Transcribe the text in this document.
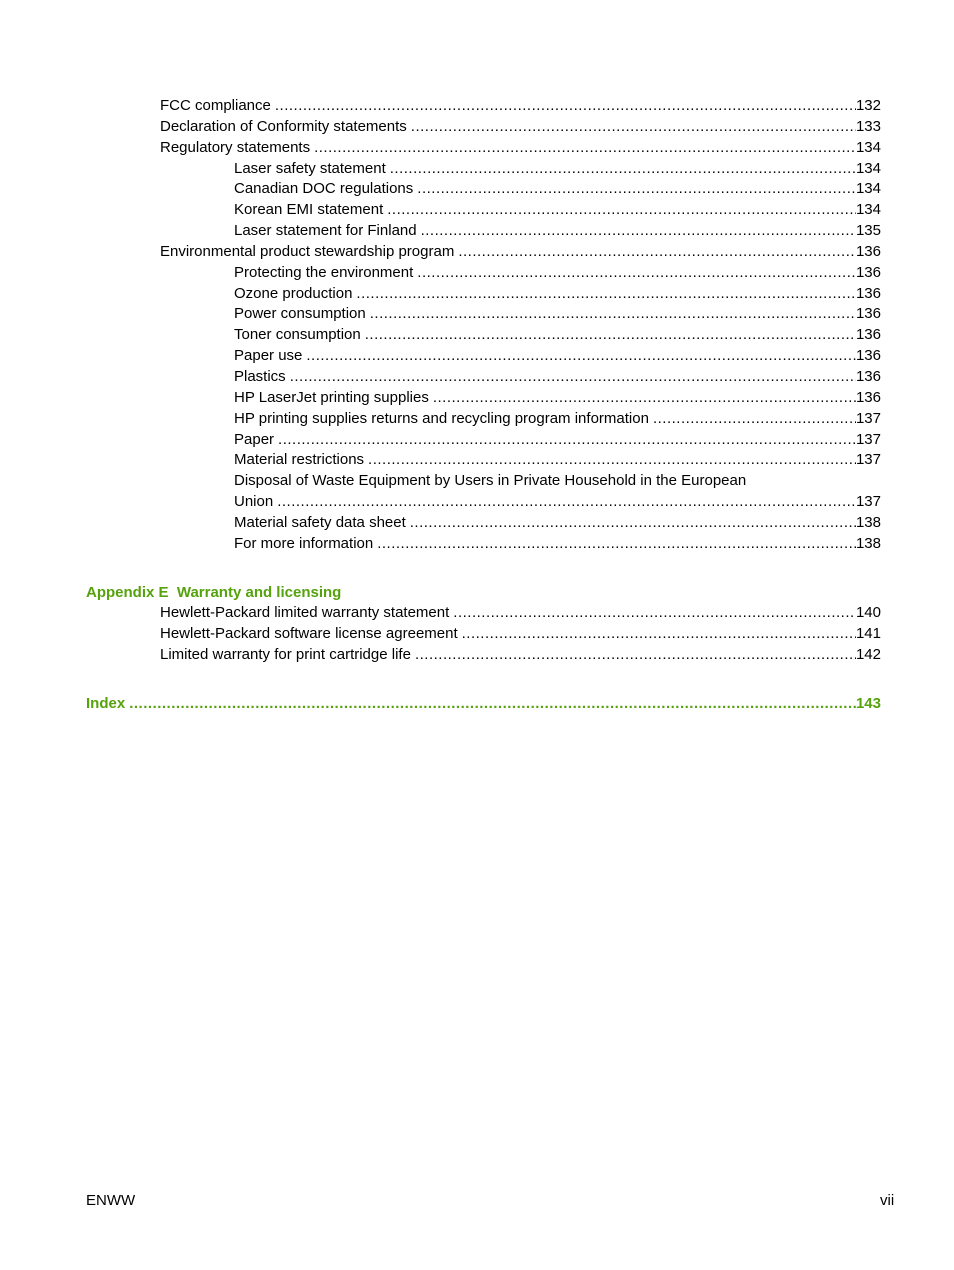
FCC compliance .....	132
Declaration of Conformity statements .....	133
Regulatory statements .....	134
Laser safety statement .....	134
Canadian DOC regulations .....	134
Korean EMI statement .....	134
Laser statement for Finland .....	135
Environmental product stewardship program .....	136
Protecting the environment .....	136
Ozone production .....	136
Power consumption .....	136
Toner consumption .....	136
Paper use .....	136
Plastics .....	136
HP LaserJet printing supplies .....	136
HP printing supplies returns and recycling program information .....	137
Paper .....	137
Material restrictions .....	137
Disposal of Waste Equipment by Users in Private Household in the European
Union .....	137
Material safety data sheet .....	138
For more information .....	138
Appendix E  Warranty and licensing
Hewlett-Packard limited warranty statement .....	140
Hewlett-Packard software license agreement .....	141
Limited warranty for print cartridge life .....	142
Index .....	143
ENWW	vii
